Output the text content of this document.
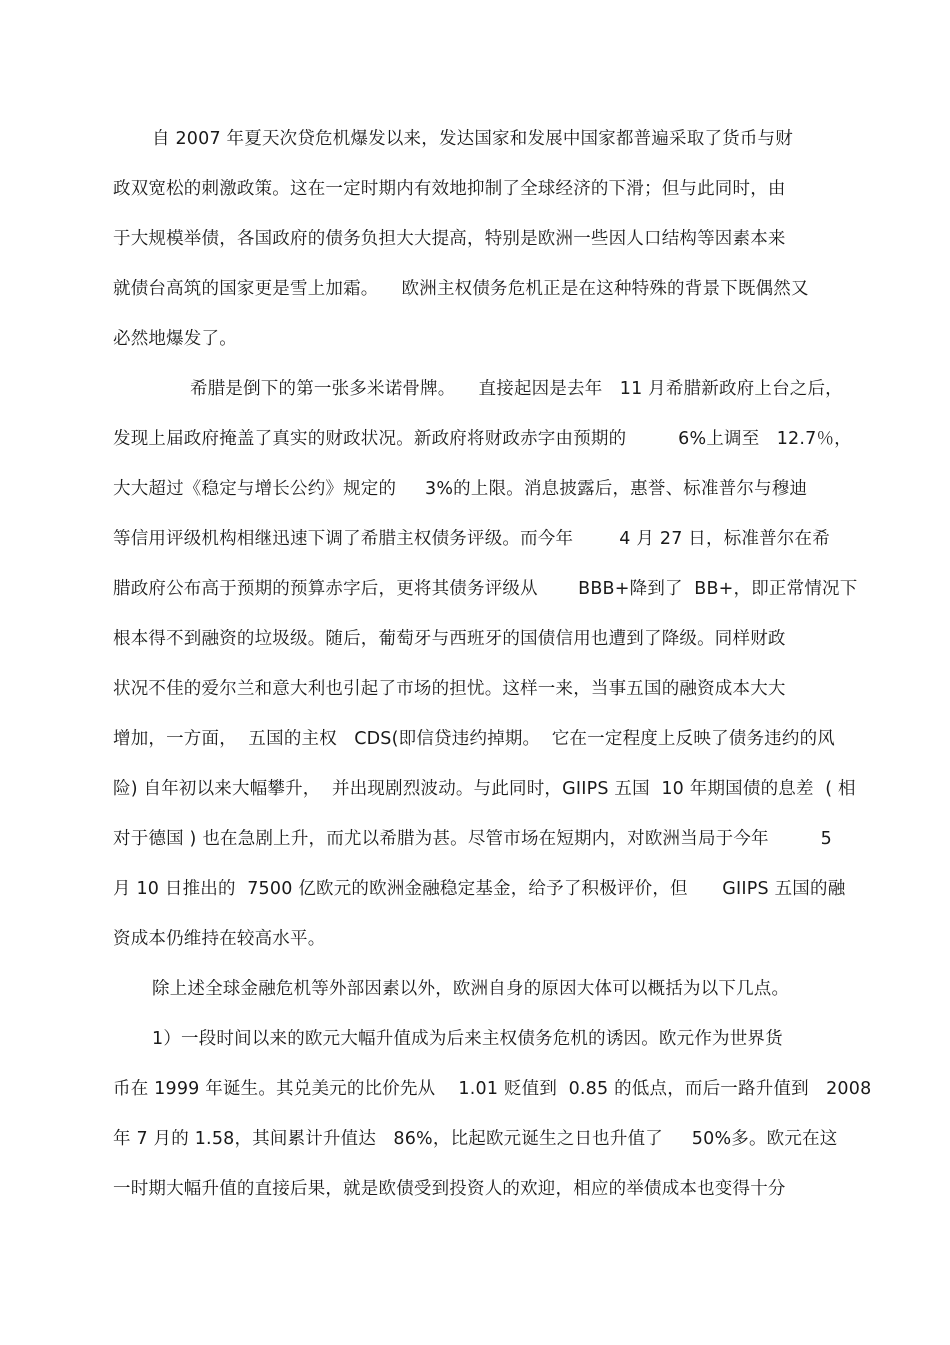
自 2007 年夏天次贷危机爆发以来，发达国家和发展中国家都普遍采取了货币与财
政双宽松的刺激政策。这在一定时期内有效地抑制了全球经济的下滑；但与此同时，由
于大规模举债，各国政府的债务负担大大提高，特别是欧洲一些因人口结构等因素本来
就债台高筑的国家更是雪上加霜。    欧洲主权债务危机正是在这种特殊的背景下既偶然又
必然地爆发了。
希腊是倒下的第一张多米诺骨牌。    直接起因是去年   11 月希腊新政府上台之后，
发现上届政府掩盖了真实的财政状况。新政府将财政赤字由预期的         6%上调至   12.7％，
大大超过《稳定与增长公约》规定的     3%的上限。消息披露后，惠誉、标准普尔与穆迪
等信用评级机构相继迅速下调了希腊主权债务评级。而今年        4 月 27 日，标准普尔在希
腊政府公布高于预期的预算赤字后，更将其债务评级从       BBB+降到了  BB+，即正常情况下
根本得不到融资的垃圾级。随后，葡萄牙与西班牙的国债信用也遭到了降级。同样财政
状况不佳的爱尔兰和意大利也引起了市场的担忧。这样一来，当事五国的融资成本大大
增加，一方面，  五国的主权   CDS(即信贷违约掉期。  它在一定程度上反映了债务违约的风
险) 自年初以来大幅攀升，  并出现剧烈波动。与此同时，GIIPS 五国  10 年期国债的息差  ( 相
对于德国 ) 也在急剧上升，而尤以希腊为甚。尽管市场在短期内，对欧洲当局于今年         5
月 10 日推出的  7500 亿欧元的欧洲金融稳定基金，给予了积极评价，但      GIIPS 五国的融
资成本仍维持在较高水平。
除上述全球金融危机等外部因素以外，欧洲自身的原因大体可以概括为以下几点。
1）一段时间以来的欧元大幅升值成为后来主权债务危机的诱因。欧元作为世界货
币在 1999 年诞生。其兑美元的比价先从    1.01 贬值到  0.85 的低点，而后一路升值到   2008
年 7 月的 1.58，其间累计升值达   86%，比起欧元诞生之日也升值了     50%多。欧元在这
一时期大幅升值的直接后果，就是欧债受到投资人的欢迎，相应的举债成本也变得十分
